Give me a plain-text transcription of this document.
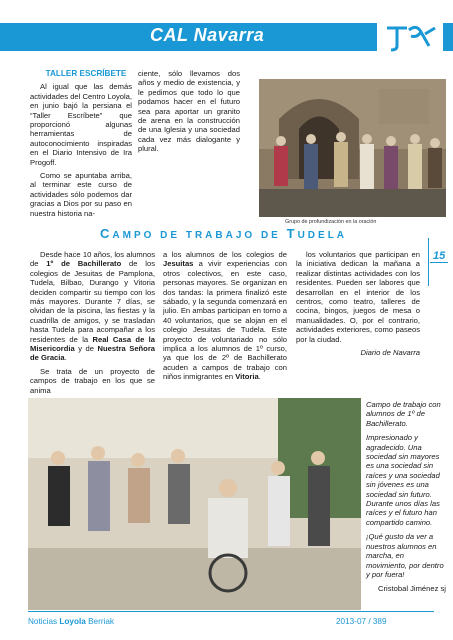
CAL Navarra

TALLER ESCRÍBETE

Al igual que las demás actividades del Centro Loyola, en junio bajó la persiana el “Taller Escríbete” que proporcionó algunas herramientas de autoconocimiento inspiradas en el Diario Intensivo de Ira Progoff.

Como se apuntaba arriba, al terminar este curso de actividades sólo podemos dar gracias a Dios por su paso en nuestra historia na-

ciente, sólo llevamos dos años y medio de existencia, y le pedimos que todo lo que podamos hacer en el futuro sea para aportar un granito de arena en la construcción de una Iglesia y una sociedad cada vez más dialogante y plural.

Grupo de profundización en la oración
CAMPO DE TRABAJO DE TUDELA

Desde hace 10 años, los alumnos de 1º de Bachillerato de los colegios de Jesuitas de Pamplona, Tudela, Bilbao, Durango y Vitoria deciden compartir su tiempo con los más mayores. Durante 7 días, se olvidan de la piscina, las fiestas y la cuadrilla de amigos, y se trasladan hasta Tudela para acompañar a los residentes de la Real Casa de la Misericordia y de Nuestra Señora de Gracia.

Se trata de un proyecto de campos de trabajo en los que se anima

a los alumnos de los colegios de Jesuitas a vivir experiencias con otros colectivos, en este caso, personas mayores. Se organizan en dos tandas: la primera finalizó este sábado, y la segunda comenzará en julio. En ambas participan en torno a 40 voluntarios, que se alojan en el colegio Jesuitas de Tudela. Este proyecto de voluntariado no sólo implica a los alumnos de 1º curso, ya que los de 2º de Bachillerato acuden a campos de trabajo con niños inmigrantes en Vitoria.

los voluntarios que participan en la iniciativa dedican la mañana a realizar distintas actividades con los residentes. Pueden ser labores que desarrollan en el interior de los centros, como teatro, talleres de cocina, bingos, juegos de mesa o manualidades. O, por el contrario, actividades exteriores, como paseos por la ciudad.

Diario de Navarra

15

Campo de trabajo con alumnos de 1º de Bachillerato.

Impresionado y agradecido. Una sociedad sin mayores es una sociedad sin raíces y una sociedad sin jóvenes es una sociedad sin futuro. Durante unos días las raíces y el futuro han compartido camino.

¡Qué gusto da ver a nuestros alumnos en marcha, en movimiento, por dentro y por fuera!

Cristobal Jiménez sj

Noticias Loyola Berriak	2013-07 / 389
